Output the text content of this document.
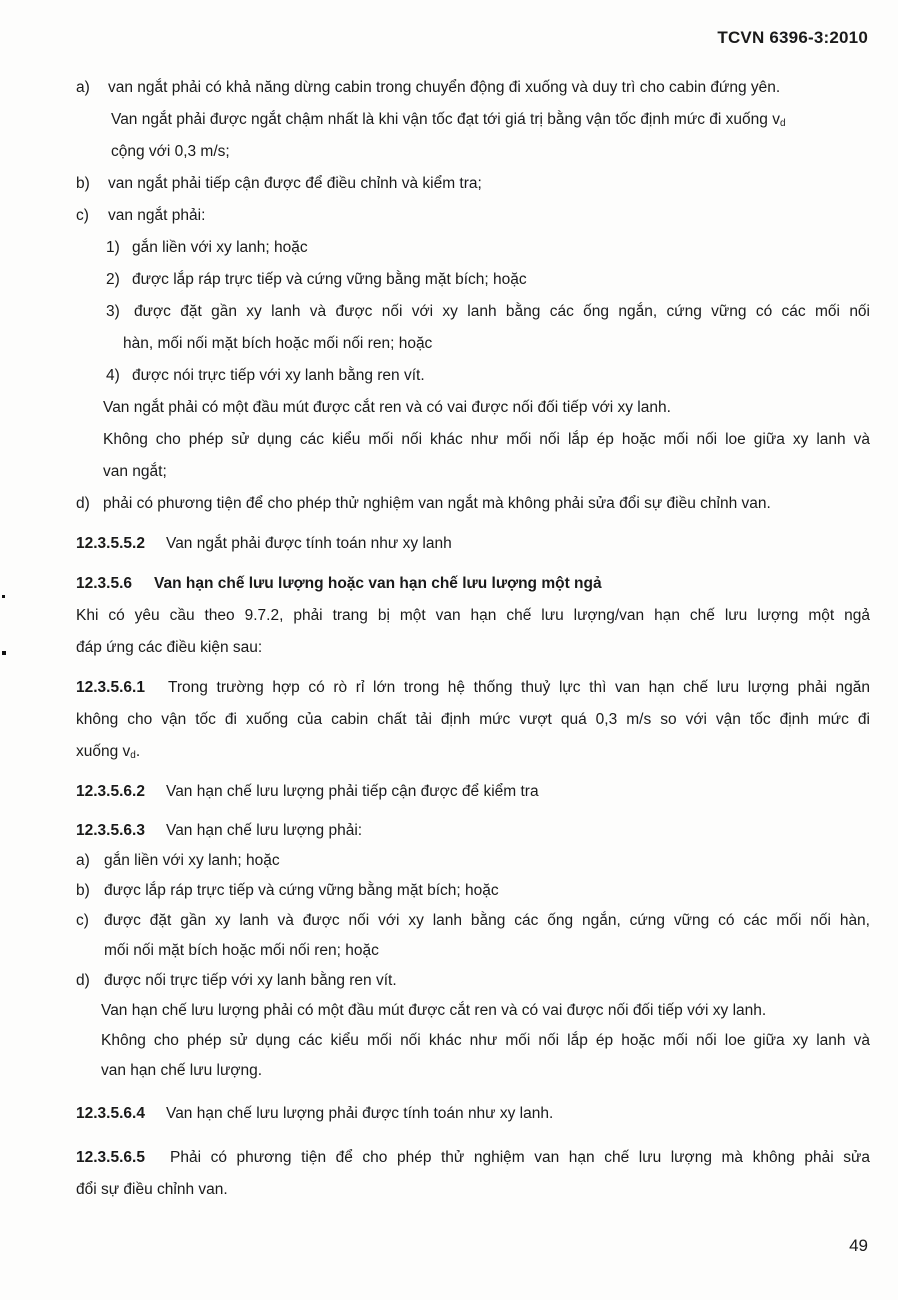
TCVN 6396-3:2010
a) van ngắt phải có khả năng dừng cabin trong chuyển động đi xuống và duy trì cho cabin đứng yên.
Van ngắt phải được ngắt chậm nhất là khi vận tốc đạt tới giá trị bằng vận tốc định mức đi xuống $v_d$
cộng với 0,3 m/s;
b) van ngắt phải tiếp cận được để điều chỉnh và kiểm tra;
c) van ngắt phải:
1) gắn liền với xy lanh; hoặc
2) được lắp ráp trực tiếp và cứng vững bằng mặt bích; hoặc
3) được đặt gần xy lanh và được nối với xy lanh bằng các ống ngắn, cứng vững có các mối nối
hàn, mối nối mặt bích hoặc mối nối ren; hoặc
4) được nói trực tiếp với xy lanh bằng ren vít.
Van ngắt phải có một đầu mút được cắt ren và có vai được nối đối tiếp với xy lanh.
Không cho phép sử dụng các kiểu mối nối khác như mối nối lắp ép hoặc mối nối loe giữa xy lanh và
van ngắt;
d) phải có phương tiện để cho phép thử nghiệm van ngắt mà không phải sửa đổi sự điều chỉnh van.
12.3.5.5.2 Van ngắt phải được tính toán như xy lanh
12.3.5.6 Van hạn chế lưu lượng hoặc van hạn chế lưu lượng một ngả
Khi có yêu cầu theo 9.7.2, phải trang bị một van hạn chế lưu lượng/van hạn chế lưu lượng một ngả
đáp ứng các điều kiện sau:
12.3.5.6.1 Trong trường hợp có rò rỉ lớn trong hệ thống thuỷ lực thì van hạn chế lưu lượng phải ngăn
không cho vận tốc đi xuống của cabin chất tải định mức vượt quá 0,3 m/s so với vận tốc định mức đi
xuống $v_d$.
12.3.5.6.2 Van hạn chế lưu lượng phải tiếp cận được để kiểm tra
12.3.5.6.3 Van hạn chế lưu lượng phải:
a) gắn liền với xy lanh; hoặc
b) được lắp ráp trực tiếp và cứng vững bằng mặt bích; hoặc
c) được đặt gần xy lanh và được nối với xy lanh bằng các ống ngắn, cứng vững có các mối nối hàn,
mối nối mặt bích hoặc mối nối ren; hoặc
d) được nối trực tiếp với xy lanh bằng ren vít.
Van hạn chế lưu lượng phải có một đầu mút được cắt ren và có vai được nối đối tiếp với xy lanh.
Không cho phép sử dụng các kiểu mối nối khác như mối nối lắp ép hoặc mối nối loe giữa xy lanh và
van hạn chế lưu lượng.
12.3.5.6.4 Van hạn chế lưu lượng phải được tính toán như xy lanh.
12.3.5.6.5 Phải có phương tiện để cho phép thử nghiệm van hạn chế lưu lượng mà không phải sửa
đổi sự điều chỉnh van.
49
